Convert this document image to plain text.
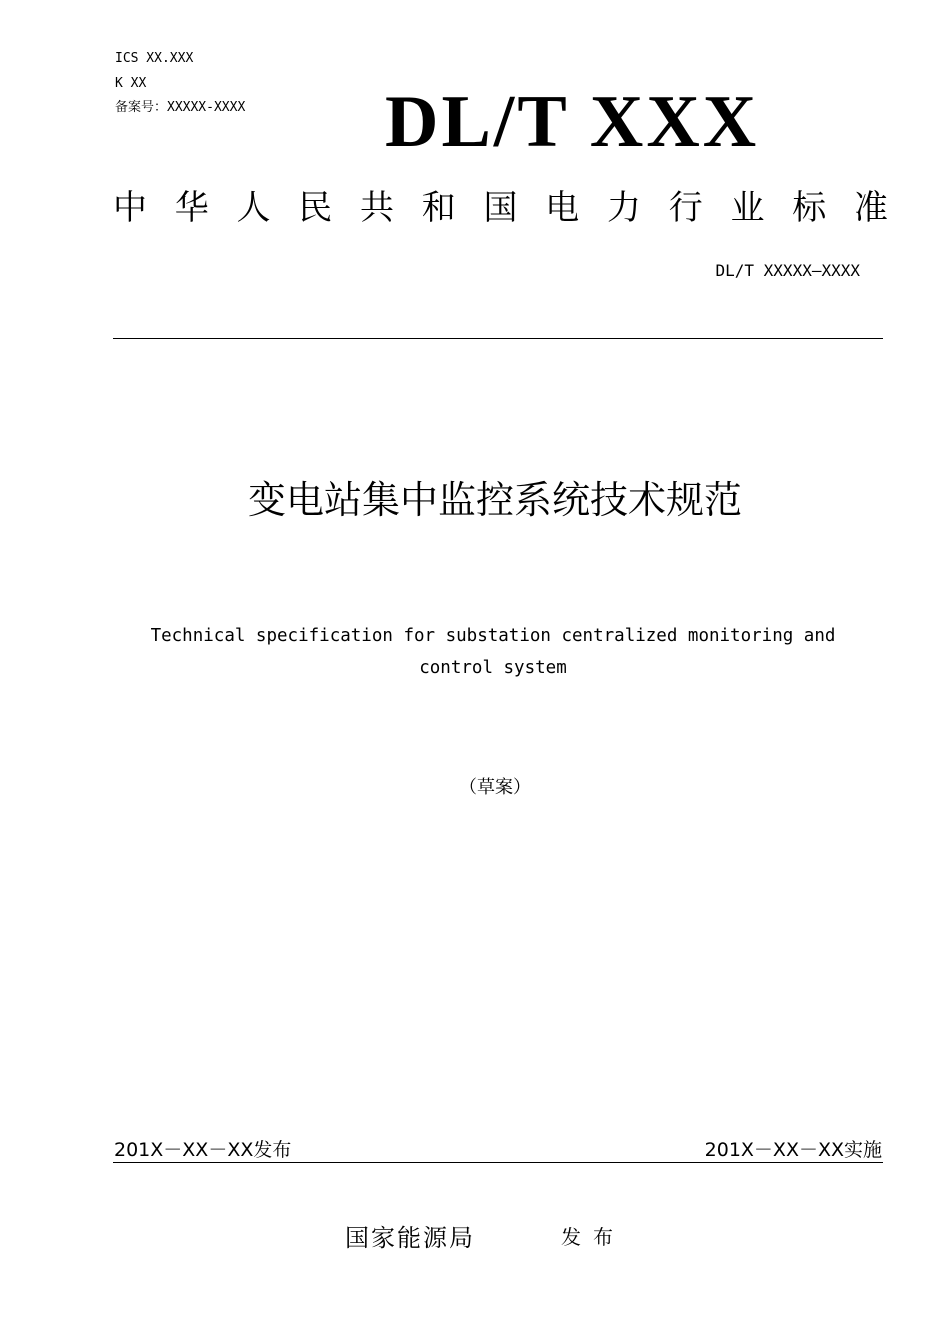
ICS XX.XXX
K XX
备案号：XXXXX-XXXX DL/T XXX
中 华 人 民 共 和 国 电 力 行 业 标 准
DL/T XXXXX—XXXX
变电站集中监控系统技术规范
Technical specification for substation centralized monitoring and control system
（草案）
201X－XX－XX发布	201X－XX－XX实施
国家能源局	发布
